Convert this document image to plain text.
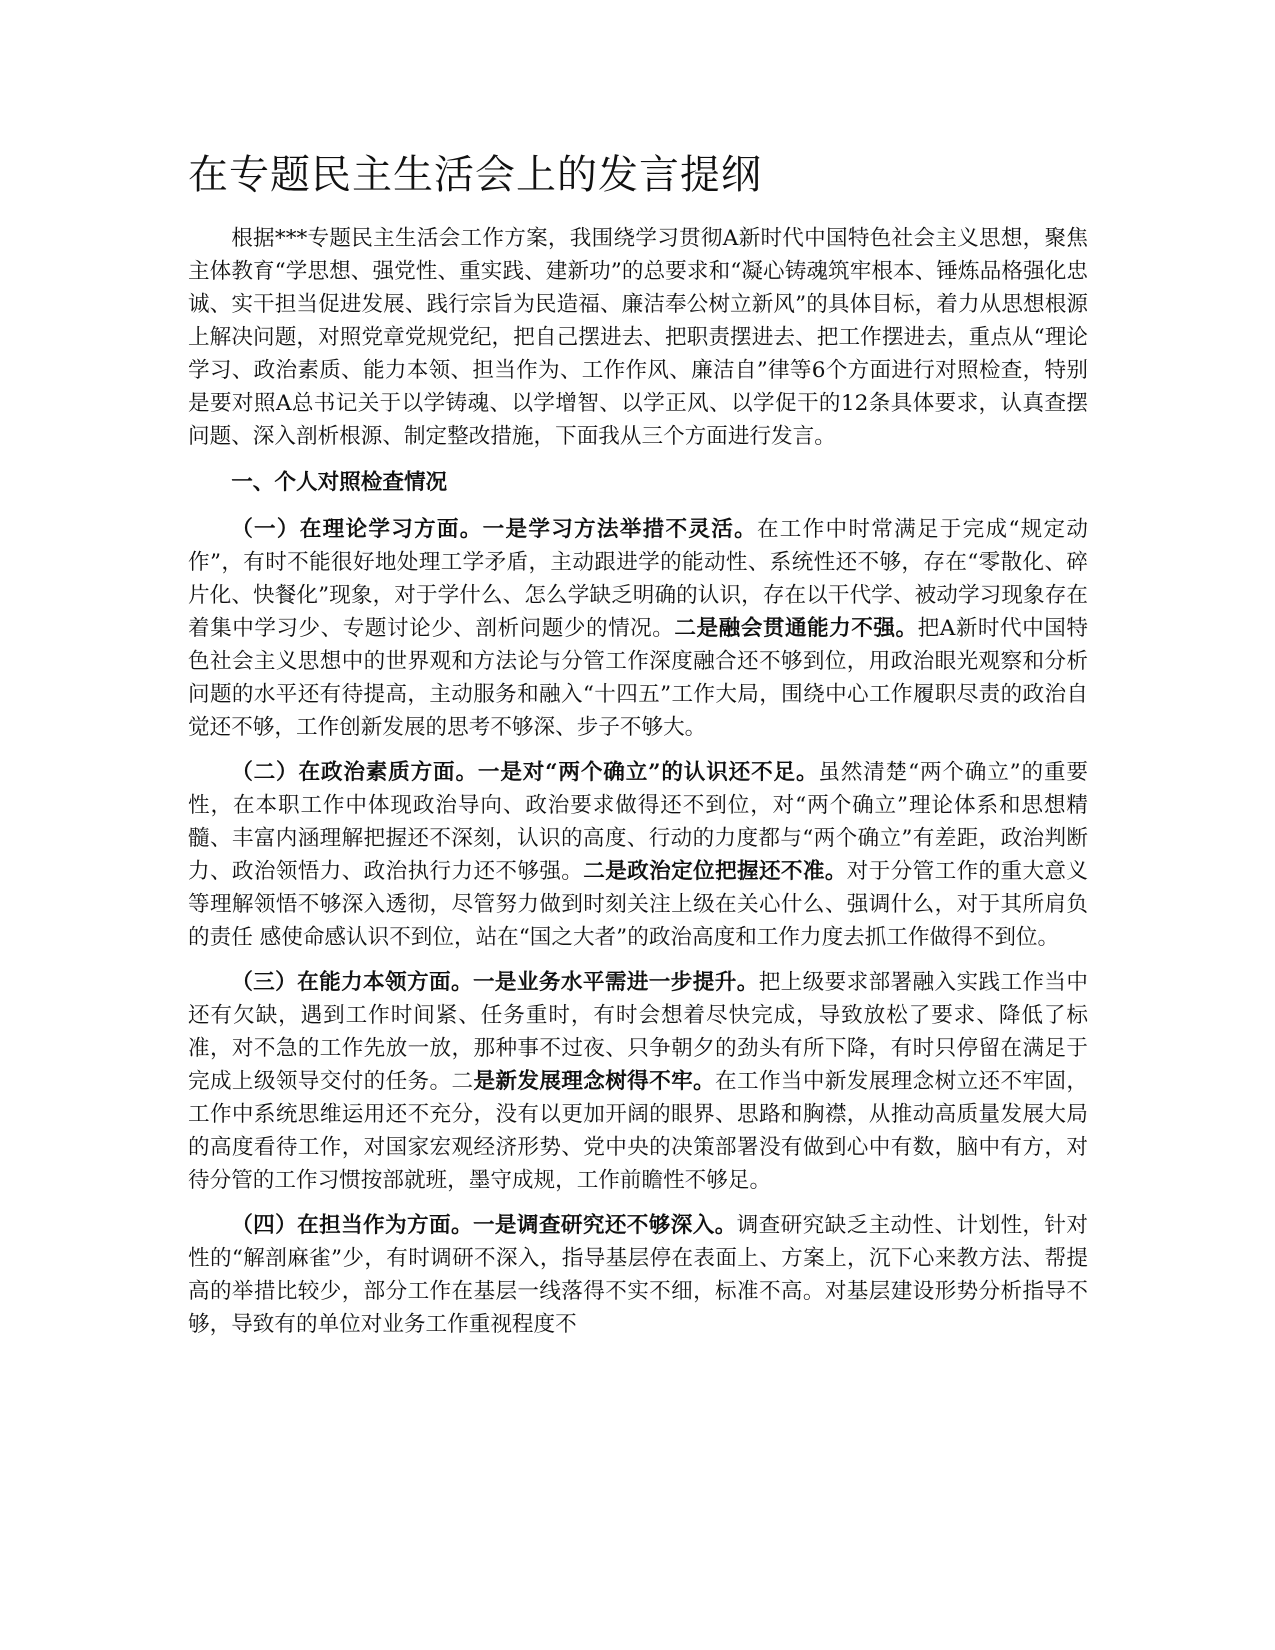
在专题民主生活会上的发言提纲

根据***专题民主生活会工作方案，我围绕学习贯彻A新时代中国特色社会主义思想，聚焦主体教育“学思想、强党性、重实践、建新功”的总要求和“凝心铸魂筑牢根本、锤炼品格强化忠诚、实干担当促进发展、践行宗旨为民造福、廉洁奉公树立新风”的具体目标，着力从思想根源上解决问题，对照党章党规党纪，把自己摆进去、把职责摆进去、把工作摆进去，重点从“理论学习、政治素质、能力本领、担当作为、工作作风、廉洁自”律等6个方面进行对照检查，特别是要对照A总书记关于以学铸魂、以学增智、以学正风、以学促干的12条具体要求，认真查摆问题、深入剖析根源、制定整改措施，下面我从三个方面进行发言。

一、个人对照检查情况

（一）在理论学习方面。一是学习方法举措不灵活。在工作中时常满足于完成“规定动作”，有时不能很好地处理工学矛盾，主动跟进学的能动性、系统性还不够，存在“零散化、碎片化、快餐化”现象，对于学什么、怎么学缺乏明确的认识，存在以干代学、被动学习现象存在着集中学习少、专题讨论少、剖析问题少的情况。二是融会贯通能力不强。把A新时代中国特色社会主义思想中的世界观和方法论与分管工作深度融合还不够到位，用政治眼光观察和分析问题的水平还有待提高，主动服务和融入“十四五”工作大局，围绕中心工作履职尽责的政治自觉还不够，工作创新发展的思考不够深、步子不够大。

（二）在政治素质方面。一是对“两个确立”的认识还不足。虽然清楚“两个确立”的重要性，在本职工作中体现政治导向、政治要求做得还不到位，对“两个确立”理论体系和思想精髓、丰富内涵理解把握还不深刻，认识的高度、行动的力度都与“两个确立”有差距，政治判断力、政治领悟力、政治执行力还不够强。二是政治定位把握还不准。对于分管工作的重大意义等理解领悟不够深入透彻，尽管努力做到时刻关注上级在关心什么、强调什么，对于其所肩负的责任 感使命感认识不到位，站在“国之大者”的政治高度和工作力度去抓工作做得不到位。

（三）在能力本领方面。一是业务水平需进一步提升。把上级要求部署融入实践工作当中还有欠缺，遇到工作时间紧、任务重时，有时会想着尽快完成，导致放松了要求、降低了标准，对不急的工作先放一放，那种事不过夜、只争朝夕的劲头有所下降，有时只停留在满足于完成上级领导交付的任务。二是新发展理念树得不牢。在工作当中新发展理念树立还不牢固，工作中系统思维运用还不充分，没有以更加开阔的眼界、思路和胸襟，从推动高质量发展大局的高度看待工作，对国家宏观经济形势、党中央的决策部署没有做到心中有数，脑中有方，对待分管的工作习惯按部就班，墨守成规，工作前瞻性不够足。

（四）在担当作为方面。一是调查研究还不够深入。调查研究缺乏主动性、计划性，针对性的“解剖麻雀”少，有时调研不深入，指导基层停在表面上、方案上，沉下心来教方法、帮提高的举措比较少，部分工作在基层一线落得不实不细，标准不高。对基层建设形势分析指导不够，导致有的单位对业务工作重视程度不
